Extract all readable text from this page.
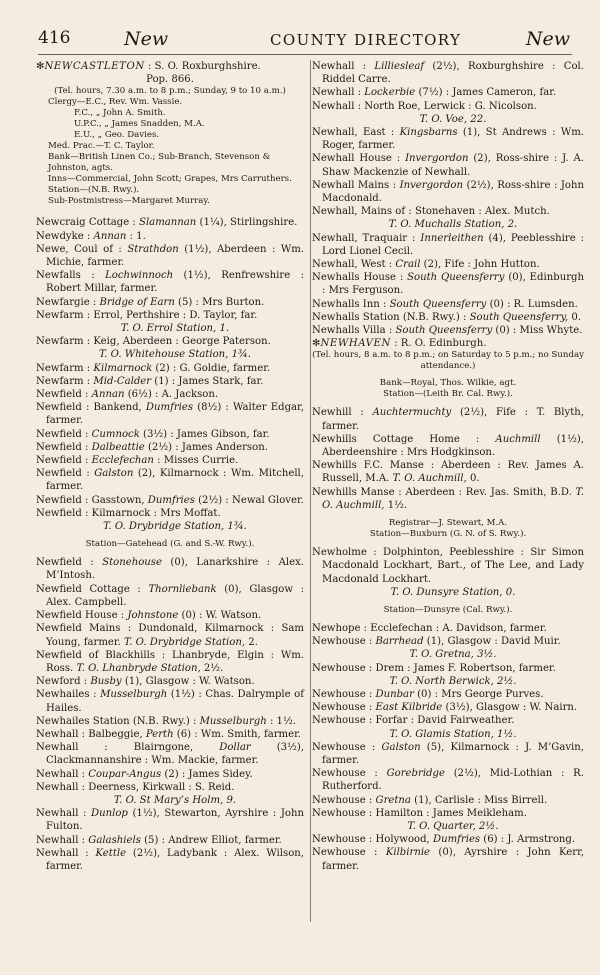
416	New	COUNTY DIRECTORY	New

✻NEWCASTLETON : S. O. Roxburghshire.

Pop. 866.

(Tel. hours, 7.30 a.m. to 8 p.m.; Sunday, 9 to 10 a.m.)

Clergy—E.C., Rev. Wm. Vassie.

F.C., „ John A. Smith.

U.P.C., „ James Snadden, M.A.

E.U., „ Geo. Davies.

Med. Prac.—T. C. Taylor.

Bank—British Linen Co.; Sub-Branch, Stevenson & Johnston, agts.

Inns—Commercial, John Scott; Grapes, Mrs Carruthers.

Station—(N.B. Rwy.).

Sub-Postmistress—Margaret Murray.

Newcraig Cottage : Slamannan (1¼), Stirlingshire.

Newdyke : Annan : 1.

Newe, Coul of : Strathdon (1½), Aberdeen : Wm. Michie, farmer.

Newfalls : Lochwinnoch (1½), Renfrewshire : Robert Millar, farmer.

Newfargie : Bridge of Earn (5) : Mrs Burton.

Newfarm : Errol, Perthshire : D. Taylor, far.

T. O. Errol Station, 1.

Newfarm : Keig, Aberdeen : George Paterson.

T. O. Whitehouse Station, 1¾.

Newfarm : Kilmarnock (2) : G. Goldie, farmer.

Newfarm : Mid-Calder (1) : James Stark, far.

Newfield : Annan (6½) : A. Jackson.

Newfield : Bankend, Dumfries (8½) : Walter Edgar, farmer.

Newfield : Cumnock (3½) : James Gibson, far.

Newfield : Dalbeattie (2½) : James Anderson.

Newfield : Ecclefechan : Misses Currie.

Newfield : Galston (2), Kilmarnock : Wm. Mitchell, farmer.

Newfield : Gasstown, Dumfries (2½) : Newal Glover.

Newfield : Kilmarnock : Mrs Moffat.

T. O. Drybridge Station, 1¾.

Station—Gatehead (G. and S.-W. Rwy.).

Newfield : Stonehouse (0), Lanarkshire : Alex. M’Intosh.

Newfield Cottage : Thornliebank (0), Glasgow : Alex. Campbell.

Newfield House : Johnstone (0) : W. Watson.

Newfield Mains : Dundonald, Kilmarnock : Sam Young, farmer. T. O. Drybridge Station, 2.

Newfield of Blackhills : Lhanbryde, Elgin : Wm. Ross. T. O. Lhanbryde Station, 2½.

Newford : Busby (1), Glasgow : W. Watson.

Newhailes : Musselburgh (1½) : Chas. Dalrymple of Hailes.

Newhailes Station (N.B. Rwy.) : Musselburgh : 1½.

Newhall : Balbeggie, Perth (6) : Wm. Smith, farmer.

Newhall : Blairngone, Dollar (3½), Clackmannanshire : Wm. Mackie, farmer.

Newhall : Coupar-Angus (2) : James Sidey.

Newhall : Deerness, Kirkwall : S. Reid.

T. O. St Mary’s Holm, 9.

Newhall : Dunlop (1½), Stewarton, Ayrshire : John Fulton.

Newhall : Galashiels (5) : Andrew Elliot, farmer.

Newhall : Kettle (2½), Ladybank : Alex. Wilson, farmer.

Newhall : Lilliesleaf (2½), Roxburghshire : Col. Riddel Carre.

Newhall : Lockerbie (7½) : James Cameron, far.

Newhall : North Roe, Lerwick : G. Nicolson.

T. O. Voe, 22.

Newhall, East : Kingsbarns (1), St Andrews : Wm. Roger, farmer.

Newhall House : Invergordon (2), Ross-shire : J. A. Shaw Mackenzie of Newhall.

Newhall Mains : Invergordon (2½), Ross-shire : John Macdonald.

Newhall, Mains of : Stonehaven : Alex. Mutch.

T. O. Muchalls Station, 2.

Newhall, Traquair : Innerleithen (4), Peeblesshire : Lord Lionel Cecil.

Newhall, West : Crail (2), Fife : John Hutton.

Newhalls House : South Queensferry (0), Edinburgh : Mrs Ferguson.

Newhalls Inn : South Queensferry (0) : R. Lumsden.

Newhalls Station (N.B. Rwy.) : South Queensferry, 0.

Newhalls Villa : South Queensferry (0) : Miss Whyte.

✻NEWHAVEN : R. O. Edinburgh.

(Tel. hours, 8 a.m. to 8 p.m.; on Saturday to 5 p.m.; no Sunday attendance.)

Bank—Royal, Thos. Wilkie, agt.

Station—(Leith Br. Cal. Rwy.).

Newhill : Auchtermuchty (2½), Fife : T. Blyth, farmer.

Newhills Cottage Home : Auchmill (1½), Aberdeenshire : Mrs Hodgkinson.

Newhills F.C. Manse : Aberdeen : Rev. James A. Russell, M.A. T. O. Auchmill, 0.

Newhills Manse : Aberdeen : Rev. Jas. Smith, B.D. T. O. Auchmill, 1½.

Registrar—J. Stewart, M.A.

Station—Buxburn (G. N. of S. Rwy.).

Newholme : Dolphinton, Peeblesshire : Sir Simon Macdonald Lockhart, Bart., of The Lee, and Lady Macdonald Lockhart.

T. O. Dunsyre Station, 0.

Station—Dunsyre (Cal. Rwy.).

Newhope : Ecclefechan : A. Davidson, farmer.

Newhouse : Barrhead (1), Glasgow : David Muir.

T. O. Gretna, 3½.

Newhouse : Drem : James F. Robertson, farmer.

T. O. North Berwick, 2½.

Newhouse : Dunbar (0) : Mrs George Purves.

Newhouse : East Kilbride (3½), Glasgow : W. Nairn.

Newhouse : Forfar : David Fairweather.

T. O. Glamis Station, 1½.

Newhouse : Galston (5), Kilmarnock : J. M’Gavin, farmer.

Newhouse : Gorebridge (2½), Mid-Lothian : R. Rutherford.

Newhouse : Gretna (1), Carlisle : Miss Birrell.

Newhouse : Hamilton : James Meikleham.

T. O. Quarter, 2½.

Newhouse : Holywood, Dumfries (6) : J. Armstrong.

Newhouse : Kilbirnie (0), Ayrshire : John Kerr, farmer.
